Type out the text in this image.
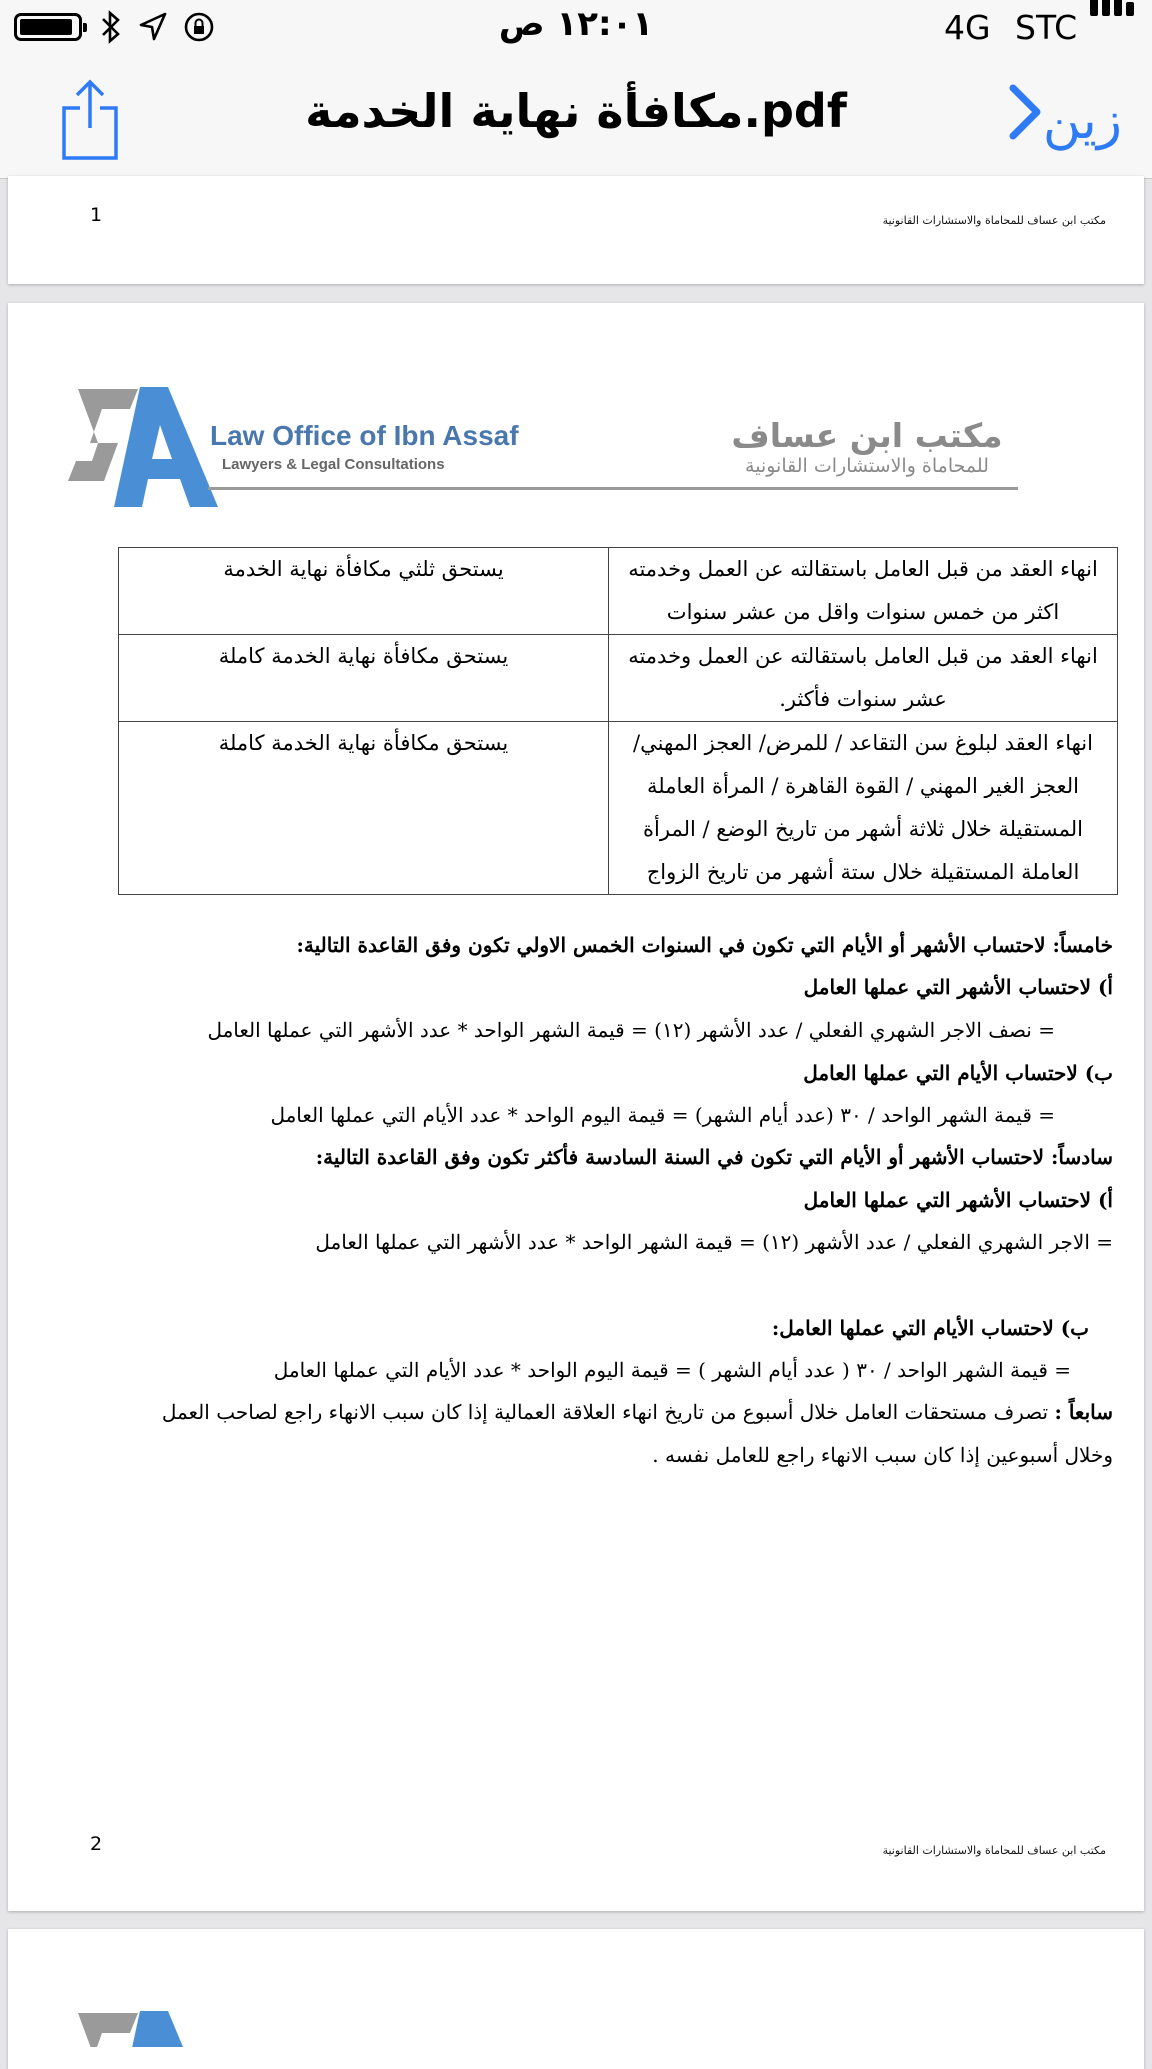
١٢:٠١ ص	4G STC
مكافأة نهاية الخدمة.pdf	زين
1	مكتب ابن عساف للمحاماة والاستشارات القانونية
Law Office of Ibn Assaf
Lawyers & Legal Consultations
مكتب ابن عساف
للمحاماة والاستشارات القانونية
انهاء العقد من قبل العامل باستقالته عن العمل وخدمته اكثر من خمس سنوات واقل من عشر سنوات	يستحق ثلثي مكافأة نهاية الخدمة
انهاء العقد من قبل العامل باستقالته عن العمل وخدمته عشر سنوات فأكثر.	يستحق مكافأة نهاية الخدمة كاملة
انهاء العقد لبلوغ سن التقاعد / للمرض/ العجز المهني/العجز الغير المهني / القوة القاهرة / المرأة العاملة المستقيلة خلال ثلاثة أشهر من تاريخ الوضع / المرأة العاملة المستقيلة خلال ستة أشهر من تاريخ الزواج	يستحق مكافأة نهاية الخدمة كاملة
خامساً: لاحتساب الأشهر أو الأيام التي تكون في السنوات الخمس الاولي تكون وفق القاعدة التالية:
أ) لاحتساب الأشهر التي عملها العامل
= نصف الاجر الشهري الفعلي / عدد الأشهر (١٢) = قيمة الشهر الواحد * عدد الأشهر التي عملها العامل
ب) لاحتساب الأيام التي عملها العامل
= قيمة الشهر الواحد / ٣٠ (عدد أيام الشهر) = قيمة اليوم الواحد * عدد الأيام التي عملها العامل
سادساً: لاحتساب الأشهر أو الأيام التي تكون في السنة السادسة فأكثر تكون وفق القاعدة التالية:
أ) لاحتساب الأشهر التي عملها العامل
= الاجر الشهري الفعلي / عدد الأشهر (١٢) = قيمة الشهر الواحد * عدد الأشهر التي عملها العامل
ب) لاحتساب الأيام التي عملها العامل:
= قيمة الشهر الواحد / ٣٠ ( عدد أيام الشهر ) = قيمة اليوم الواحد * عدد الأيام التي عملها العامل
سابعاً : تصرف مستحقات العامل خلال أسبوع من تاريخ انهاء العلاقة العمالية إذا كان سبب الانهاء راجع لصاحب العمل
وخلال أسبوعين إذا كان سبب الانهاء راجع للعامل نفسه .
2	مكتب ابن عساف للمحاماة والاستشارات القانونية
